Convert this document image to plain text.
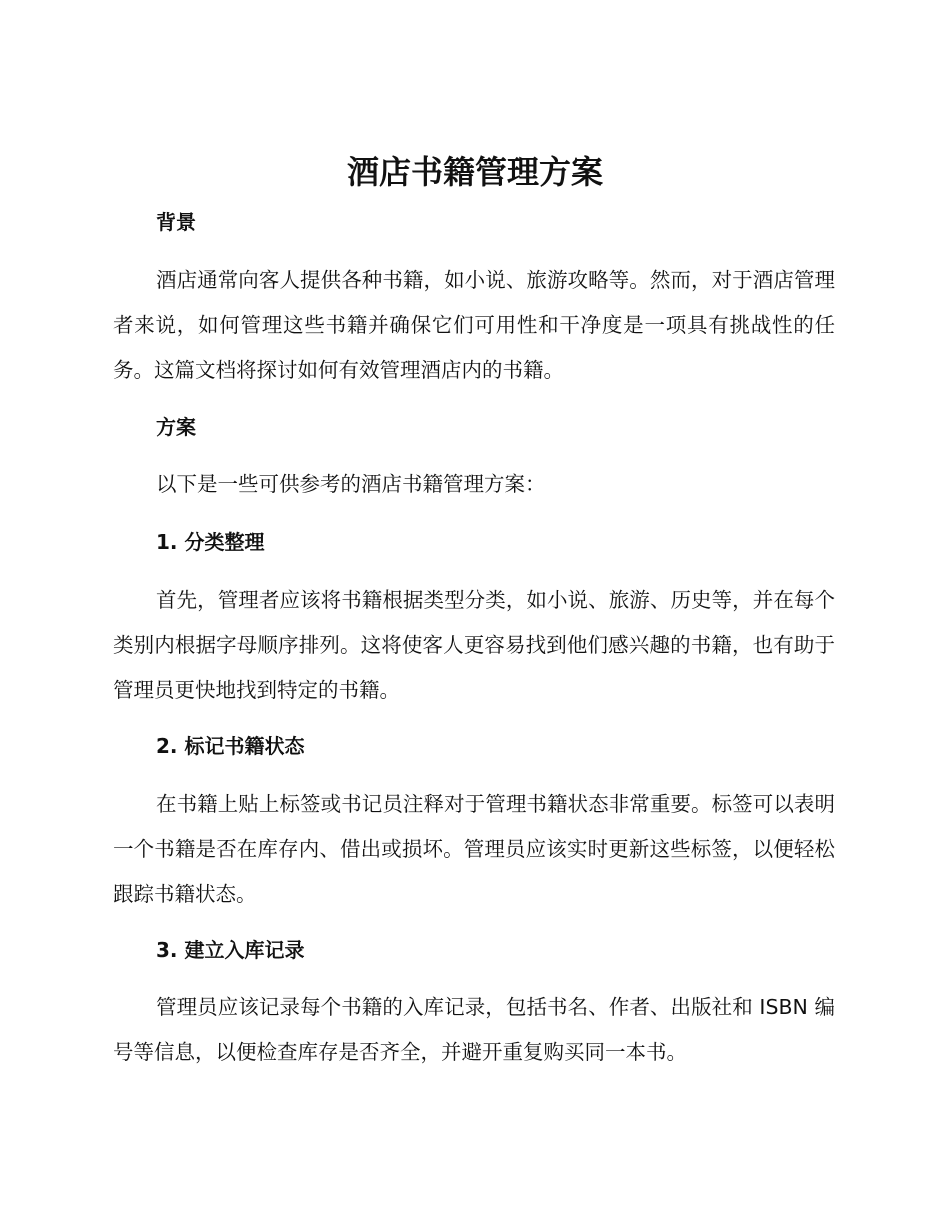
酒店书籍管理方案
背景

酒店通常向客人提供各种书籍，如小说、旅游攻略等。然而，对于酒店管理者来说，如何管理这些书籍并确保它们可用性和干净度是一项具有挑战性的任务。这篇文档将探讨如何有效管理酒店内的书籍。

方案

以下是一些可供参考的酒店书籍管理方案：

1. 分类整理

首先，管理者应该将书籍根据类型分类，如小说、旅游、历史等，并在每个类别内根据字母顺序排列。这将使客人更容易找到他们感兴趣的书籍，也有助于管理员更快地找到特定的书籍。

2. 标记书籍状态

在书籍上贴上标签或书记员注释对于管理书籍状态非常重要。标签可以表明一个书籍是否在库存内、借出或损坏。管理员应该实时更新这些标签，以便轻松跟踪书籍状态。

3. 建立入库记录

管理员应该记录每个书籍的入库记录，包括书名、作者、出版社和 ISBN 编号等信息，以便检查库存是否齐全，并避开重复购买同一本书。
